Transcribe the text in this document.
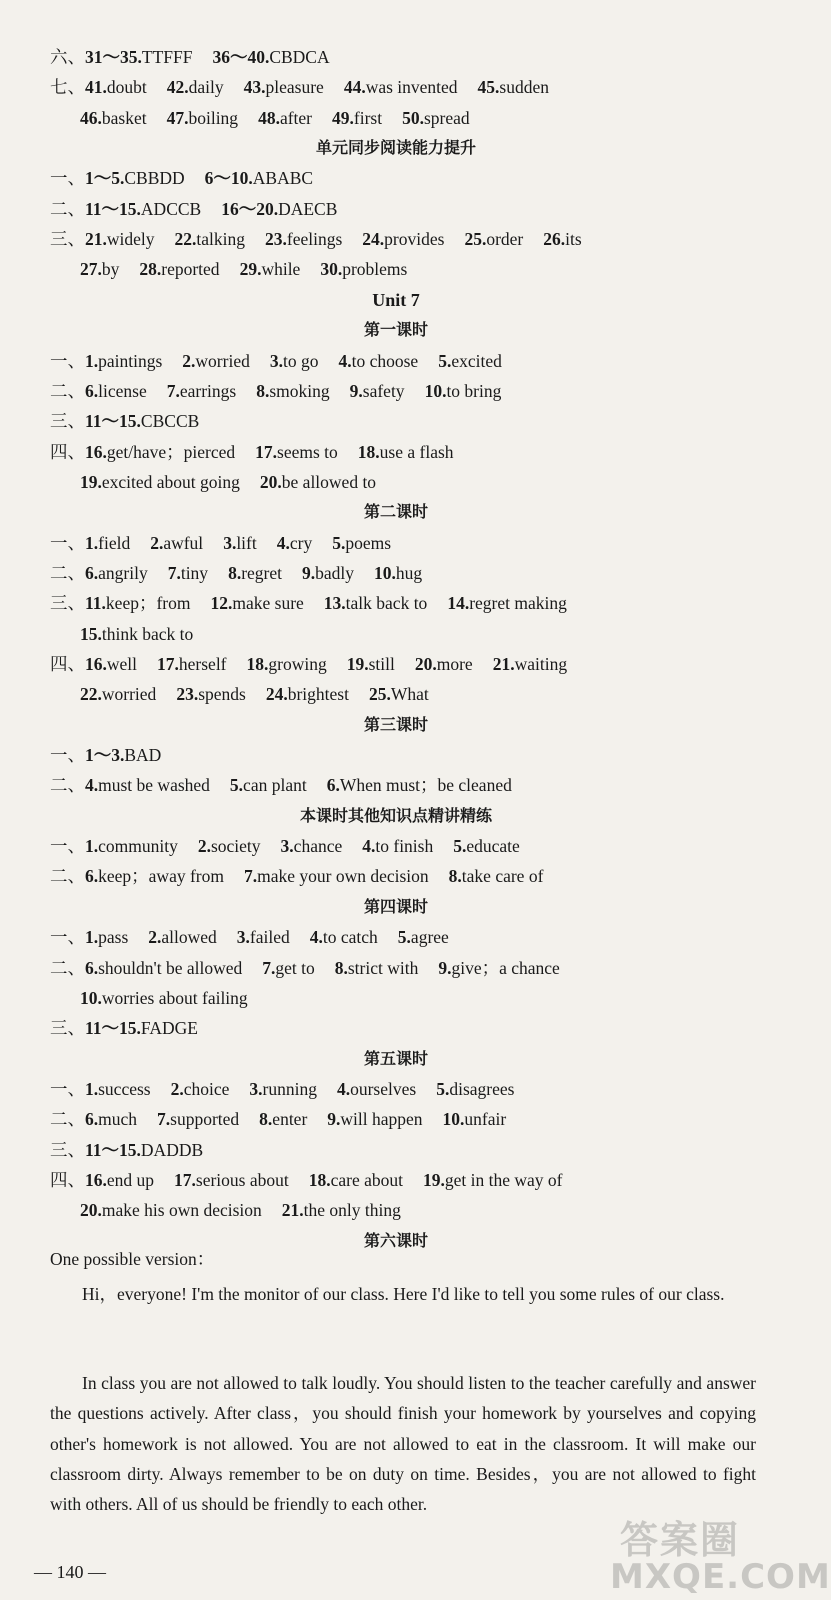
六、31～35.TTFFF 36～40.CBDCA
七、41.doubt 42.daily 43.pleasure 44.was invented 45.sudden
46.basket 47.boiling 48.after 49.first 50.spread
单元同步阅读能力提升
一、1～5.CBBDD 6～10.ABABC
二、11～15.ADCCB 16～20.DAECB
三、21.widely 22.talking 23.feelings 24.provides 25.order 26.its
27.by 28.reported 29.while 30.problems
Unit 7
第一课时
一、1.paintings 2.worried 3.to go 4.to choose 5.excited
二、6.license 7.earrings 8.smoking 9.safety 10.to bring
三、11～15.CBCCB
四、16.get/have；pierced 17.seems to 18.use a flash
19.excited about going 20.be allowed to
第二课时
一、1.field 2.awful 3.lift 4.cry 5.poems
二、6.angrily 7.tiny 8.regret 9.badly 10.hug
三、11.keep；from 12.make sure 13.talk back to 14.regret making
15.think back to
四、16.well 17.herself 18.growing 19.still 20.more 21.waiting
22.worried 23.spends 24.brightest 25.What
第三课时
一、1～3.BAD
二、4.must be washed 5.can plant 6.When must；be cleaned
本课时其他知识点精讲精练
一、1.community 2.society 3.chance 4.to finish 5.educate
二、6.keep；away from 7.make your own decision 8.take care of
第四课时
一、1.pass 2.allowed 3.failed 4.to catch 5.agree
二、6.shouldn't be allowed 7.get to 8.strict with 9.give；a chance
10.worries about failing
三、11～15.FADGE
第五课时
一、1.success 2.choice 3.running 4.ourselves 5.disagrees
二、6.much 7.supported 8.enter 9.will happen 10.unfair
三、11～15.DADDB
四、16.end up 17.serious about 18.care about 19.get in the way of
20.make his own decision 21.the only thing
第六课时
One possible version：
Hi，everyone! I'm the monitor of our class. Here I'd like to tell you some rules of our class.
In class you are not allowed to talk loudly. You should listen to the teacher carefully and answer the questions actively. After class，you should finish your homework by yourselves and copying other's homework is not allowed. You are not allowed to eat in the classroom. It will make our classroom dirty. Always remember to be on duty on time. Besides，you are not allowed to fight with others. All of us should be friendly to each other.
— 140 —
答案圈
MXQE.COM
